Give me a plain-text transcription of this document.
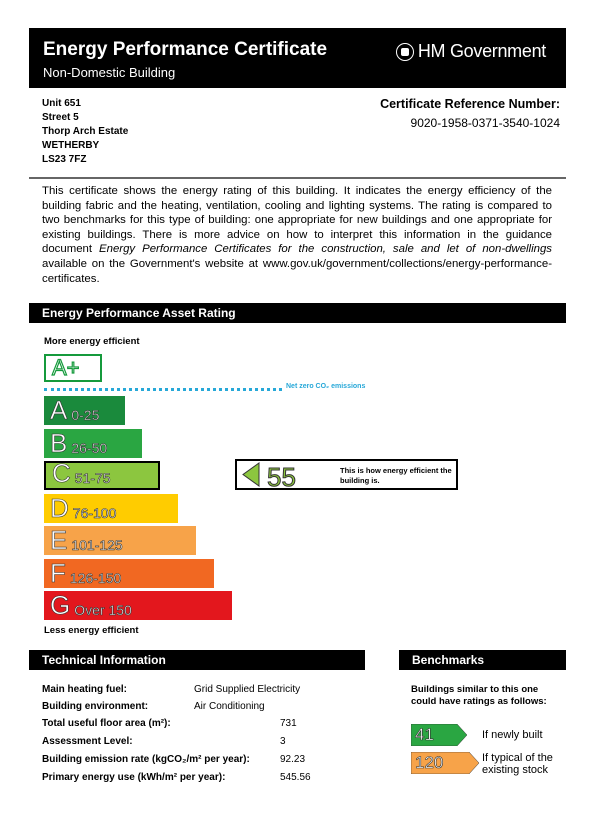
Energy Performance Certificate
Non-Domestic Building
HM Government
Unit 651
Street 5
Thorp Arch Estate
WETHERBY
LS23 7FZ
Certificate Reference Number:
9020-1958-0371-3540-1024
This certificate shows the energy rating of this building. It indicates the energy efficiency of the building fabric and the heating, ventilation, cooling and lighting systems. The rating is compared to two benchmarks for this type of building: one appropriate for new buildings and one appropriate for existing buildings. There is more advice on how to interpret this information in the guidance document Energy Performance Certificates for the construction, sale and let of non-dwellings available on the Government's website at www.gov.uk/government/collections/energy-performance-certificates.
Energy Performance Asset Rating
More energy efficient
A+
Net zero CO₂ emissions
A 0-25
B 26-50
C 51-75
D 76-100
E 101-125
F 126-150
G Over 150
55	This is how energy efficient the building is.
Less energy efficient
Technical Information
Main heating fuel:	Grid Supplied Electricity
Building environment:	Air Conditioning
Total useful floor area (m²):	731
Assessment Level:	3
Building emission rate (kgCO₂/m² per year):	92.23
Primary energy use (kWh/m² per year):	545.56
Benchmarks
Buildings similar to this one could have ratings as follows:
41	If newly built
120	If typical of the existing stock
